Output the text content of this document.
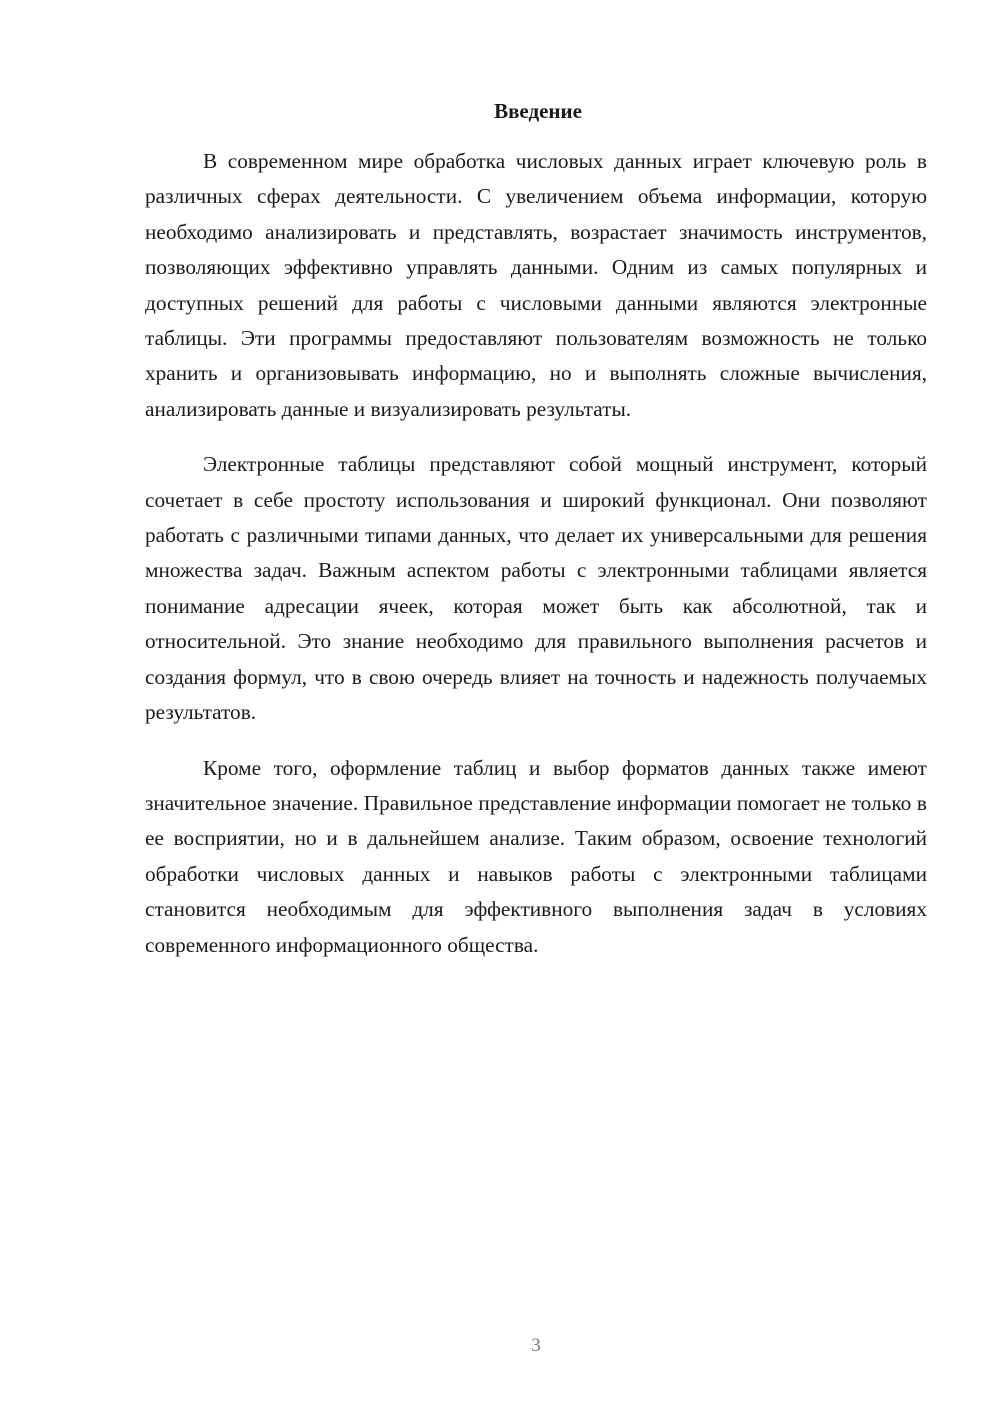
Введение

В современном мире обработка числовых данных играет ключевую роль в различных сферах деятельности. С увеличением объема информации, которую необходимо анализировать и представлять, возрастает значимость инструментов, позволяющих эффективно управлять данными. Одним из самых популярных и доступных решений для работы с числовыми данными являются электронные таблицы. Эти программы предоставляют пользователям возможность не только хранить и организовывать информацию, но и выполнять сложные вычисления, анализировать данные и визуализировать результаты.

Электронные таблицы представляют собой мощный инструмент, который сочетает в себе простоту использования и широкий функционал. Они позволяют работать с различными типами данных, что делает их универсальными для решения множества задач. Важным аспектом работы с электронными таблицами является понимание адресации ячеек, которая может быть как абсолютной, так и относительной. Это знание необходимо для правильного выполнения расчетов и создания формул, что в свою очередь влияет на точность и надежность получаемых результатов.

Кроме того, оформление таблиц и выбор форматов данных также имеют значительное значение. Правильное представление информации помогает не только в ее восприятии, но и в дальнейшем анализе. Таким образом, освоение технологий обработки числовых данных и навыков работы с электронными таблицами становится необходимым для эффективного выполнения задач в условиях современного информационного общества.

3
